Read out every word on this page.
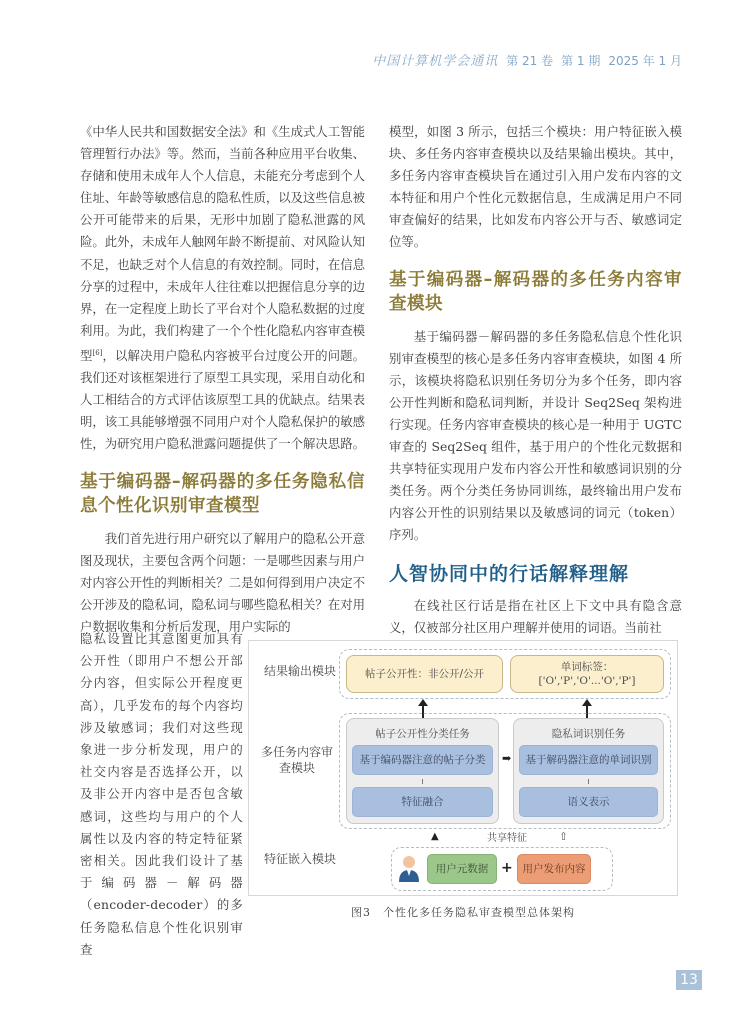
中国计算机学会通讯 第 21 卷 第 1 期 2025 年 1 月

《中华人民共和国数据安全法》和《生成式人工智能管理暂行办法》等。然而，当前各种应用平台收集、存储和使用未成年人个人信息，未能充分考虑到个人住址、年龄等敏感信息的隐私性质，以及这些信息被公开可能带来的后果，无形中加剧了隐私泄露的风险。此外，未成年人触网年龄不断提前、对风险认知不足，也缺乏对个人信息的有效控制。同时，在信息分享的过程中，未成年人往往难以把握信息分享的边界，在一定程度上助长了平台对个人隐私数据的过度利用。为此，我们构建了一个个性化隐私内容审查模型[6]，以解决用户隐私内容被平台过度公开的问题。我们还对该框架进行了原型工具实现，采用自动化和人工相结合的方式评估该原型工具的优缺点。结果表明，该工具能够增强不同用户对个人隐私保护的敏感性，为研究用户隐私泄露问题提供了一个解决思路。

基于编码器–解码器的多任务隐私信息个性化识别审查模型

我们首先进行用户研究以了解用户的隐私公开意图及现状，主要包含两个问题：一是哪些因素与用户对内容公开性的判断相关？二是如何得到用户决定不公开涉及的隐私词，隐私词与哪些隐私相关？在对用户数据收集和分析后发现，用户实际的

隐私设置比其意图更加具有公开性（即用户不想公开部分内容，但实际公开程度更高），几乎发布的每个内容均涉及敏感词；我们对这些现象进一步分析发现，用户的社交内容是否选择公开，以及非公开内容中是否包含敏感词，这些均与用户的个人属性以及内容的特定特征紧密相关。因此我们设计了基于编码器－解码器（encoder-decoder）的多任务隐私信息个性化识别审查

模型，如图 3 所示，包括三个模块：用户特征嵌入模块、多任务内容审查模块以及结果输出模块。其中，多任务内容审查模块旨在通过引入用户发布内容的文本特征和用户个性化元数据信息，生成满足用户不同审查偏好的结果，比如发布内容公开与否、敏感词定位等。

基于编码器–解码器的多任务内容审查模块

基于编码器－解码器的多任务隐私信息个性化识别审查模型的核心是多任务内容审查模块，如图 4 所示，该模块将隐私识别任务切分为多个任务，即内容公开性判断和隐私词判断，并设计 Seq2Seq 架构进行实现。任务内容审查模块的核心是一种用于 UGTC 审查的 Seq2Seq 组件，基于用户的个性化元数据和共享特征实现用户发布内容公开性和敏感词识别的分类任务。两个分类任务协同训练，最终输出用户发布内容公开性的识别结果以及敏感词的词元（token）序列。

人智协同中的行话解释理解

在线社区行话是指在社区上下文中具有隐含意义，仅被部分社区用户理解并使用的词语。当前社

结果输出模块
多任务内容审查模块
特征嵌入模块
帖子公开性：非公开/公开
单词标签：
['O','P','O'...'O','P']
帖子公开性分类任务
基于编码器注意的帖子分类
特征融合
➡
隐私词识别任务
基于解码器注意的单词识别
语义表示
▲	共享特征	⇧
用户元数据 + 用户发布内容
图3　个性化多任务隐私审查模型总体架构
13
